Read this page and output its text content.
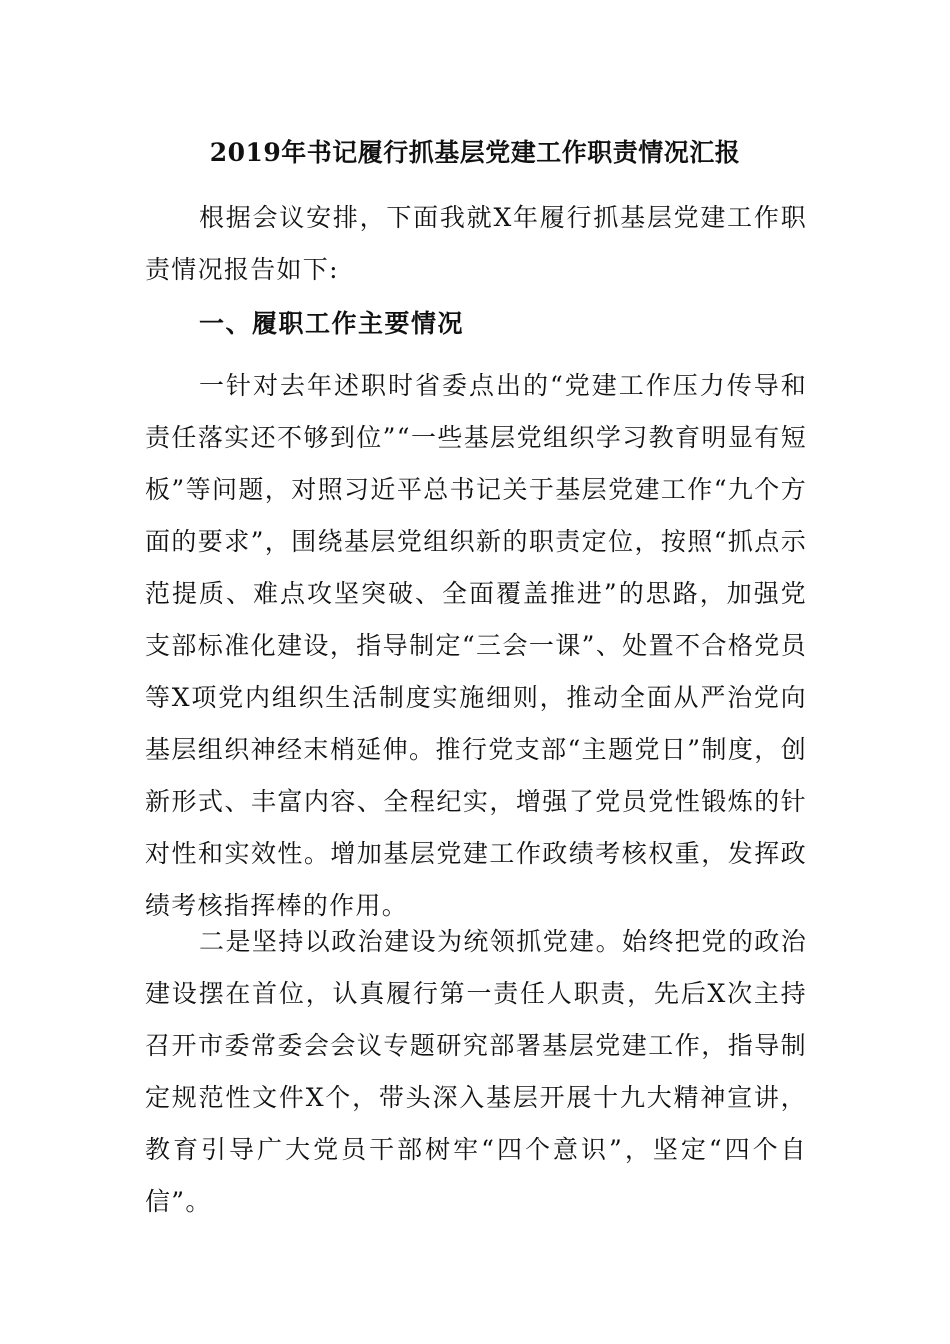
2019年书记履行抓基层党建工作职责情况汇报

根据会议安排，下面我就X年履行抓基层党建工作职责情况报告如下:

一、履职工作主要情况

一针对去年述职时省委点出的“党建工作压力传导和责任落实还不够到位”“一些基层党组织学习教育明显有短板”等问题，对照习近平总书记关于基层党建工作“九个方面的要求”，围绕基层党组织新的职责定位，按照“抓点示范提质、难点攻坚突破、全面覆盖推进”的思路，加强党支部标准化建设，指导制定“三会一课”、处置不合格党员等X项党内组织生活制度实施细则，推动全面从严治党向基层组织神经末梢延伸。推行党支部“主题党日”制度，创新形式、丰富内容、全程纪实，增强了党员党性锻炼的针对性和实效性。增加基层党建工作政绩考核权重，发挥政绩考核指挥棒的作用。

二是坚持以政治建设为统领抓党建。始终把党的政治建设摆在首位，认真履行第一责任人职责，先后X次主持召开市委常委会会议专题研究部署基层党建工作，指导制定规范性文件X个，带头深入基层开展十九大精神宣讲，教育引导广大党员干部树牢“四个意识”，坚定“四个自信”。
